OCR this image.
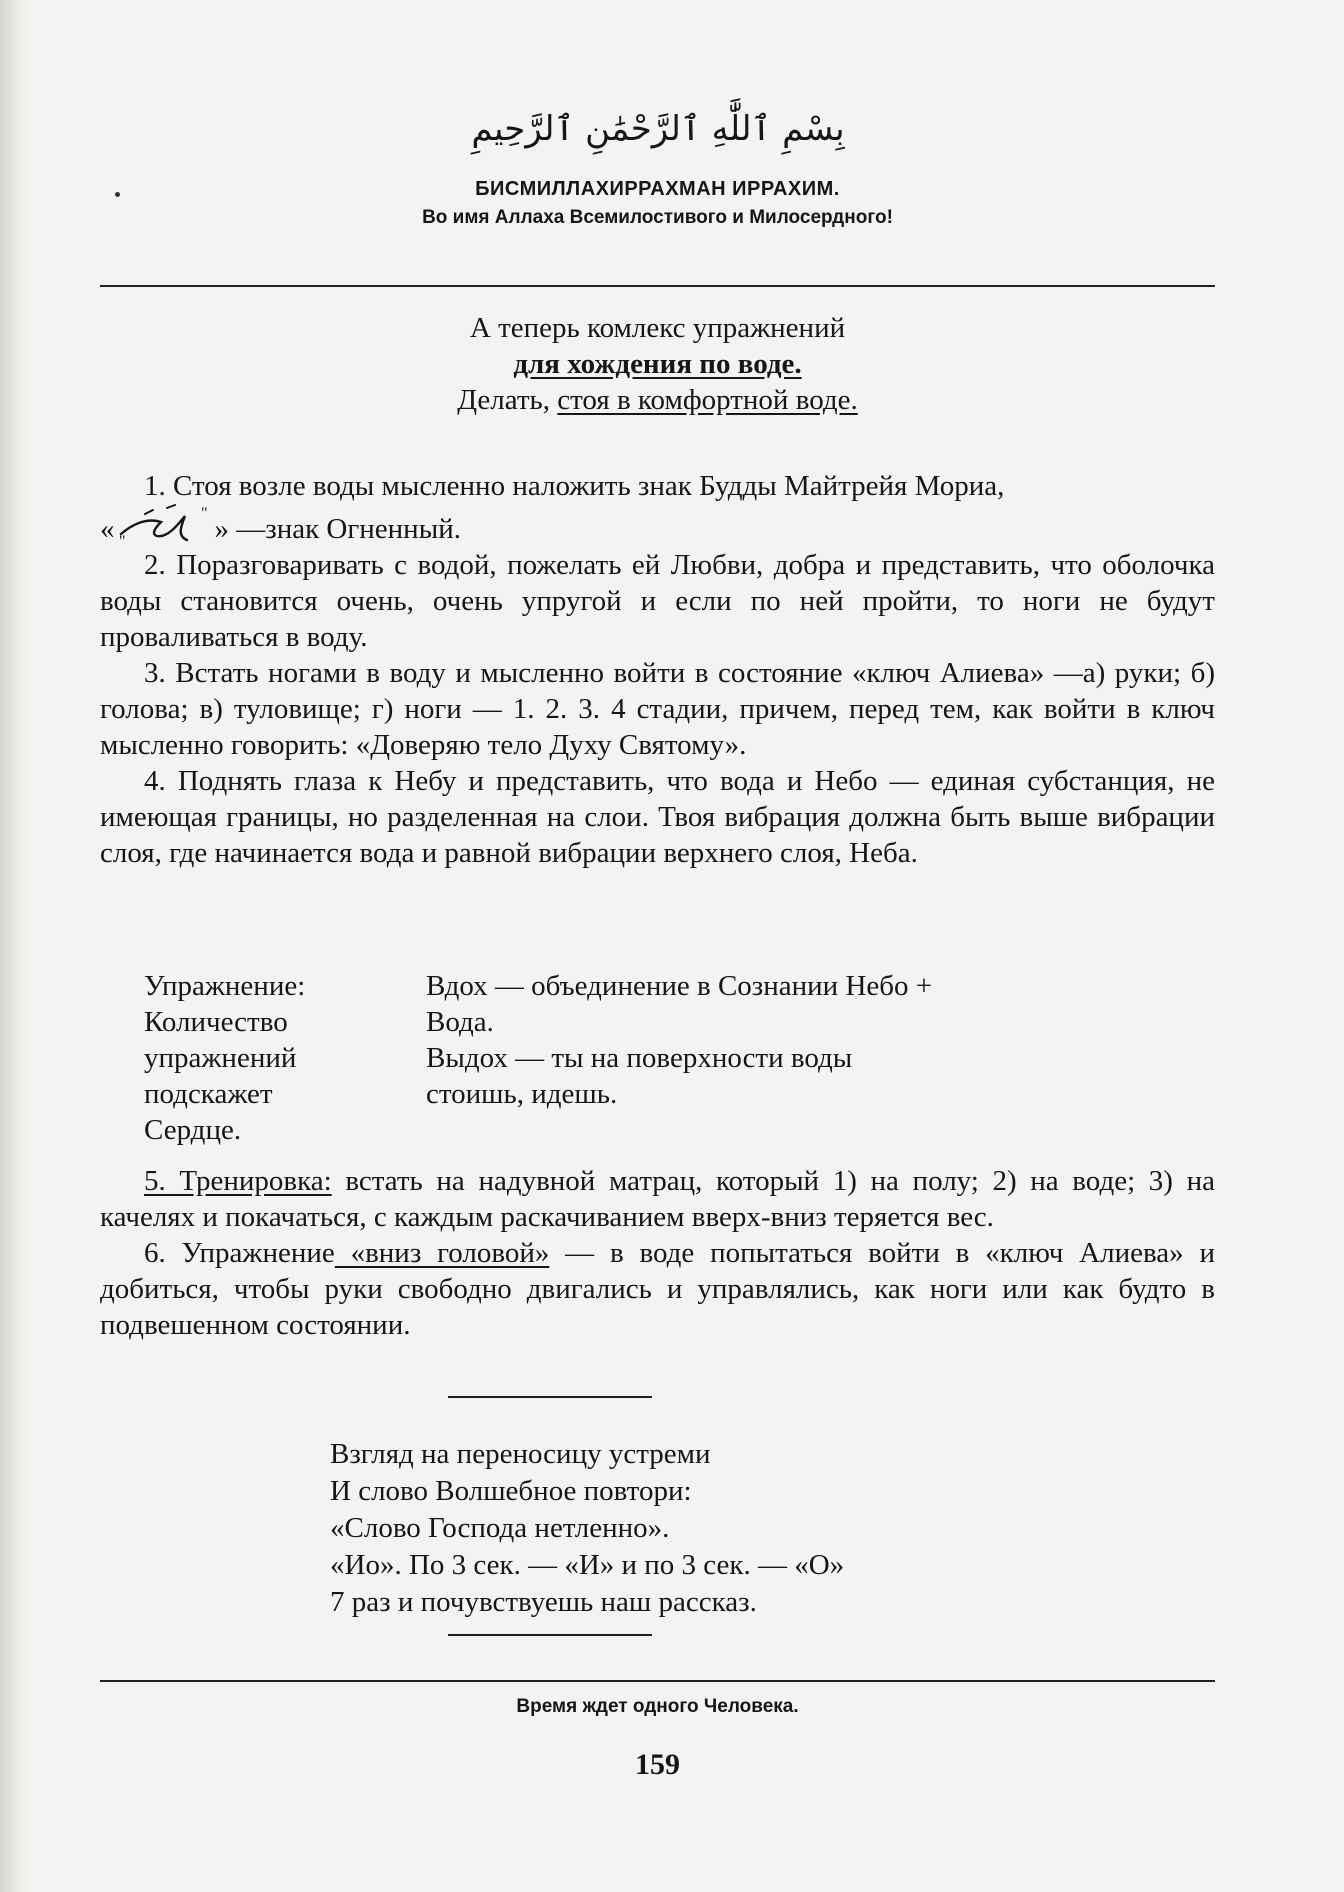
بِسْمِ ٱللَّٰهِ ٱلرَّحْمَٰنِ ٱلرَّحِيمِ
БИСМИЛЛАХИРРАХМАН ИРРАХИМ.
Во имя Аллаха Всемилостивого и Милосердного!
А теперь комлекс упражнений
для хождения по воде.
Делать, стоя в комфортной воде.

1. Стоя возле воды мысленно наложить знак Будды Майтрейя Мориа,

«	"
"	» —знак Огненный.

2. Поразговаривать с водой, пожелать ей Любви, добра и представить, что оболочка воды становится очень, очень упругой и если по ней пройти, то ноги не будут проваливаться в воду.

3. Встать ногами в воду и мысленно войти в состояние «ключ Алиева» —а) руки; б) голова; в) туловище; г) ноги — 1. 2. 3. 4 стадии, причем, перед тем, как войти в ключ мысленно говорить: «Доверяю тело Духу Святому».

4. Поднять глаза к Небу и представить, что вода и Небо — единая субстанция, не имеющая границы, но разделенная на слои. Твоя вибрация должна быть выше вибрации слоя, где начинается вода и равной вибрации верхнего слоя, Неба.

Упражнение:	Вдох — объединение в Сознании Небо +
Количество	Вода.
упражнений	Выдох — ты на поверхности воды
подскажет	стоишь, идешь.
Сердце.

5. Тренировка: встать на надувной матрац, который 1) на полу; 2) на воде; 3) на качелях и покачаться, с каждым раскачиванием вверх-вниз теряется вес.

6. Упражнение «вниз головой» — в воде попытаться войти в «ключ Алиева» и добиться, чтобы руки свободно двигались и управлялись, как ноги или как будто в подвешенном состоянии.

Взгляд на переносицу устреми
И слово Волшебное повтори:
«Слово Господа нетленно».
«Ио». По 3 сек. — «И» и по 3 сек. — «О»
7 раз и почувствуешь наш рассказ.
Время ждет одного Человека.
159
